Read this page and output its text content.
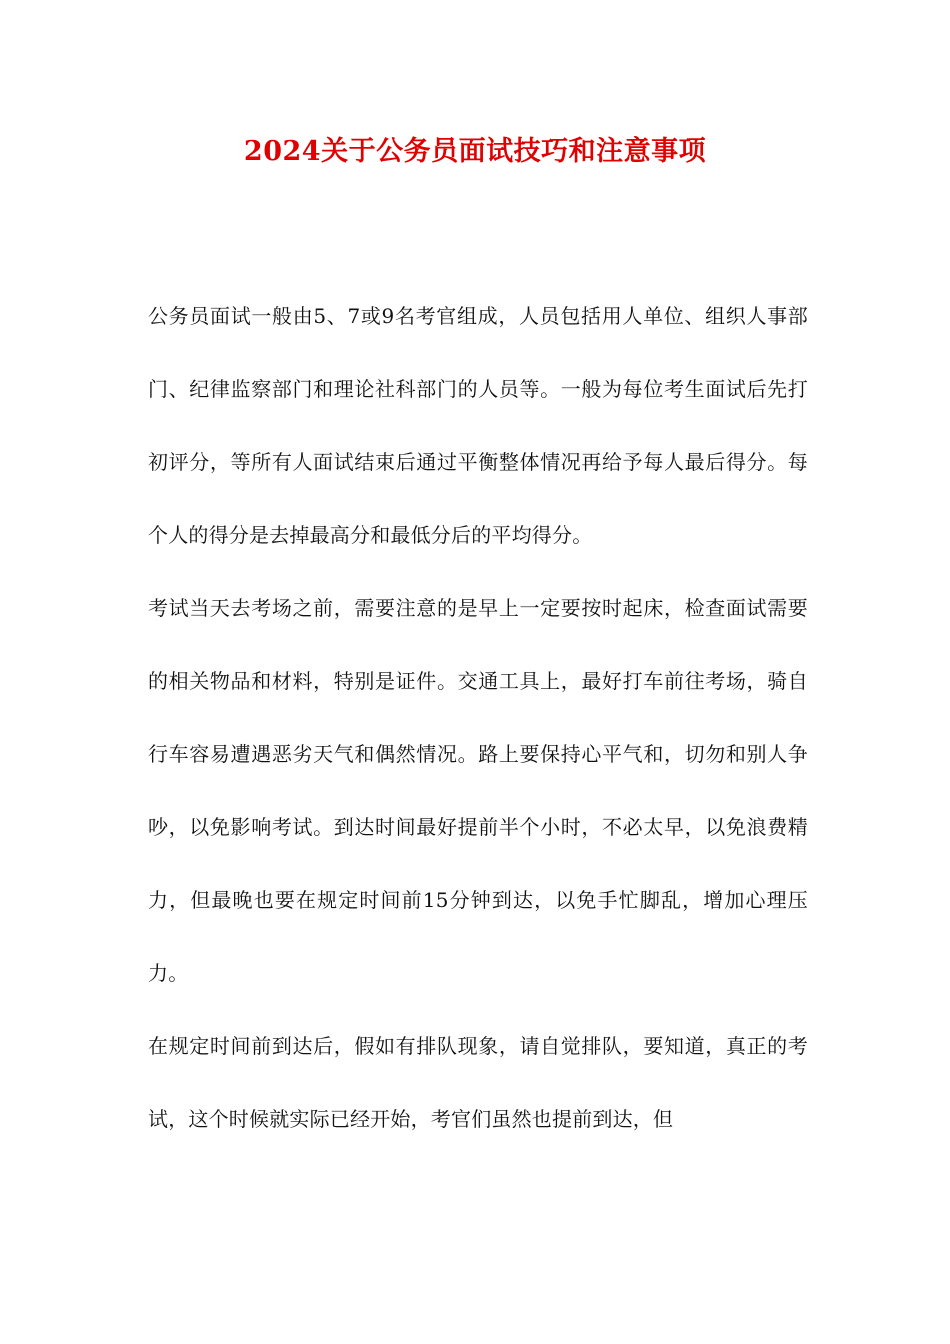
2024关于公务员面试技巧和注意事项

公务员面试一般由5、7或9名考官组成，人员包括用人单位、组织人事部门、纪律监察部门和理论社科部门的人员等。一般为每位考生面试后先打初评分，等所有人面试结束后通过平衡整体情况再给予每人最后得分。每个人的得分是去掉最高分和最低分后的平均得分。

考试当天去考场之前，需要注意的是早上一定要按时起床，检查面试需要的相关物品和材料，特别是证件。交通工具上，最好打车前往考场，骑自行车容易遭遇恶劣天气和偶然情况。路上要保持心平气和，切勿和别人争吵，以免影响考试。到达时间最好提前半个小时，不必太早，以免浪费精力，但最晚也要在规定时间前15分钟到达，以免手忙脚乱，增加心理压力。

在规定时间前到达后，假如有排队现象，请自觉排队，要知道，真正的考试，这个时候就实际已经开始，考官们虽然也提前到达，但
